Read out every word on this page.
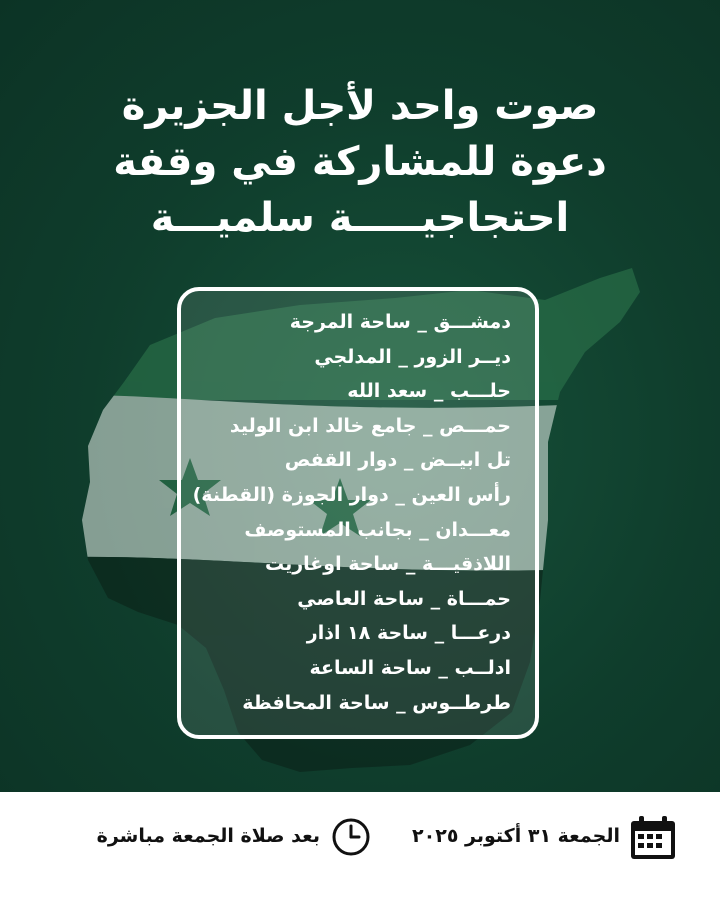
صوت واحد لأجل الجزيرة
دعوة للمشاركة في وقفة
احتجاجيـــــة سلميـــة
دمشـــق _ ساحة المرجة
ديــر الزور _ المدلجي
حلـــب _ سعد الله
حمـــص _ جامع خالد ابن الوليد
تل ابيــض _ دوار القفص
رأس العين _ دوار الجوزة (القطنة)
معـــدان _ بجانب المستوصف
اللاذقيـــة _ ساحة اوغاريت
حمـــاة _ ساحة العاصي
درعـــا _ ساحة ١٨ اذار
ادلــب _ ساحة الساعة
طرطــوس _ ساحة المحافظة
الجمعة ٣١ أكتوبر ٢٠٢٥
بعد صلاة الجمعة مباشرة
